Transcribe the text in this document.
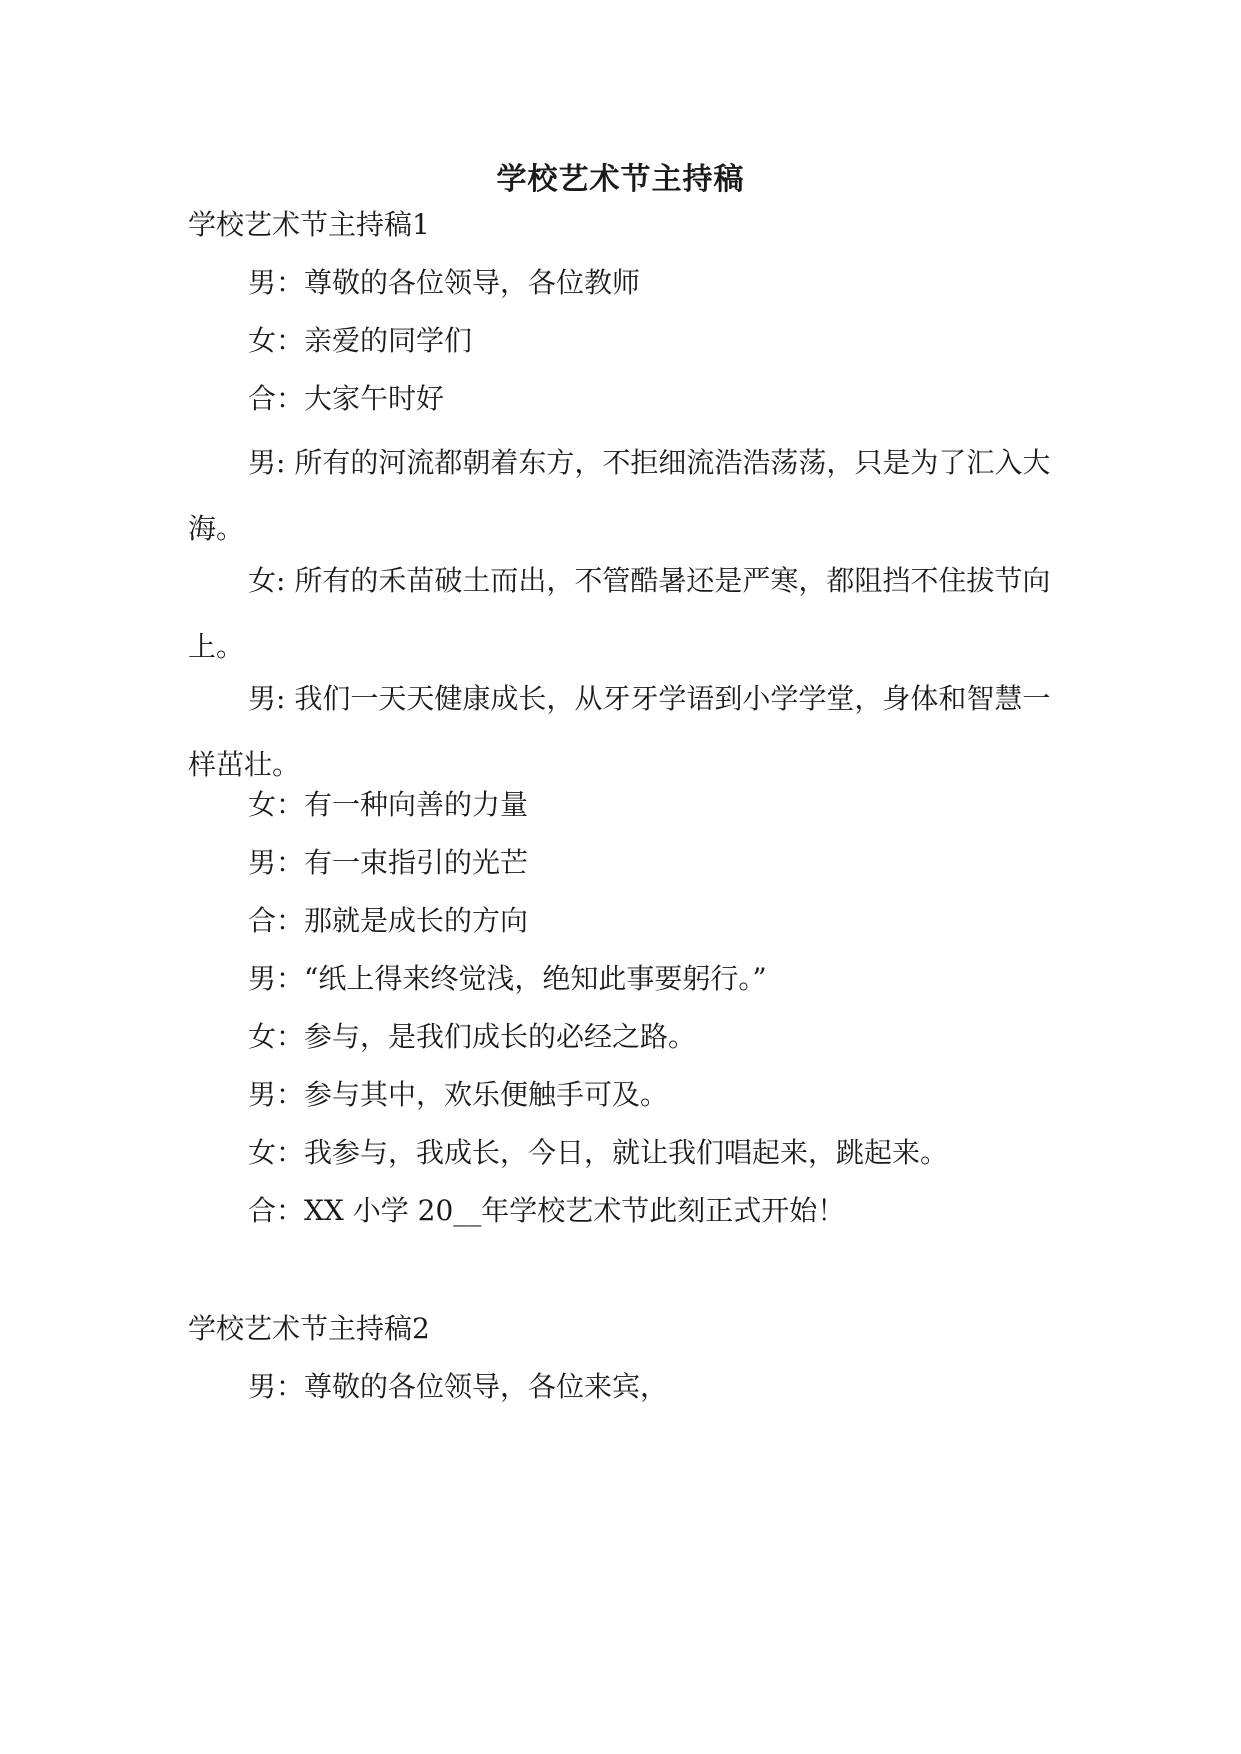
学校艺术节主持稿
学校艺术节主持稿1
男：尊敬的各位领导，各位教师
女：亲爱的同学们
合：大家午时好
男: 所有的河流都朝着东方，不拒细流浩浩荡荡，只是为了汇入大海。
女: 所有的禾苗破土而出，不管酷暑还是严寒，都阻挡不住拔节向上。
男: 我们一天天健康成长，从牙牙学语到小学学堂，身体和智慧一样茁壮。
女：有一种向善的力量
男：有一束指引的光芒
合：那就是成长的方向
男：“纸上得来终觉浅，绝知此事要躬行。”
女：参与，是我们成长的必经之路。
男：参与其中，欢乐便触手可及。
女：我参与，我成长，今日，就让我们唱起来，跳起来。
合：XX 小学 20__年学校艺术节此刻正式开始！
学校艺术节主持稿2
男：尊敬的各位领导，各位来宾，
